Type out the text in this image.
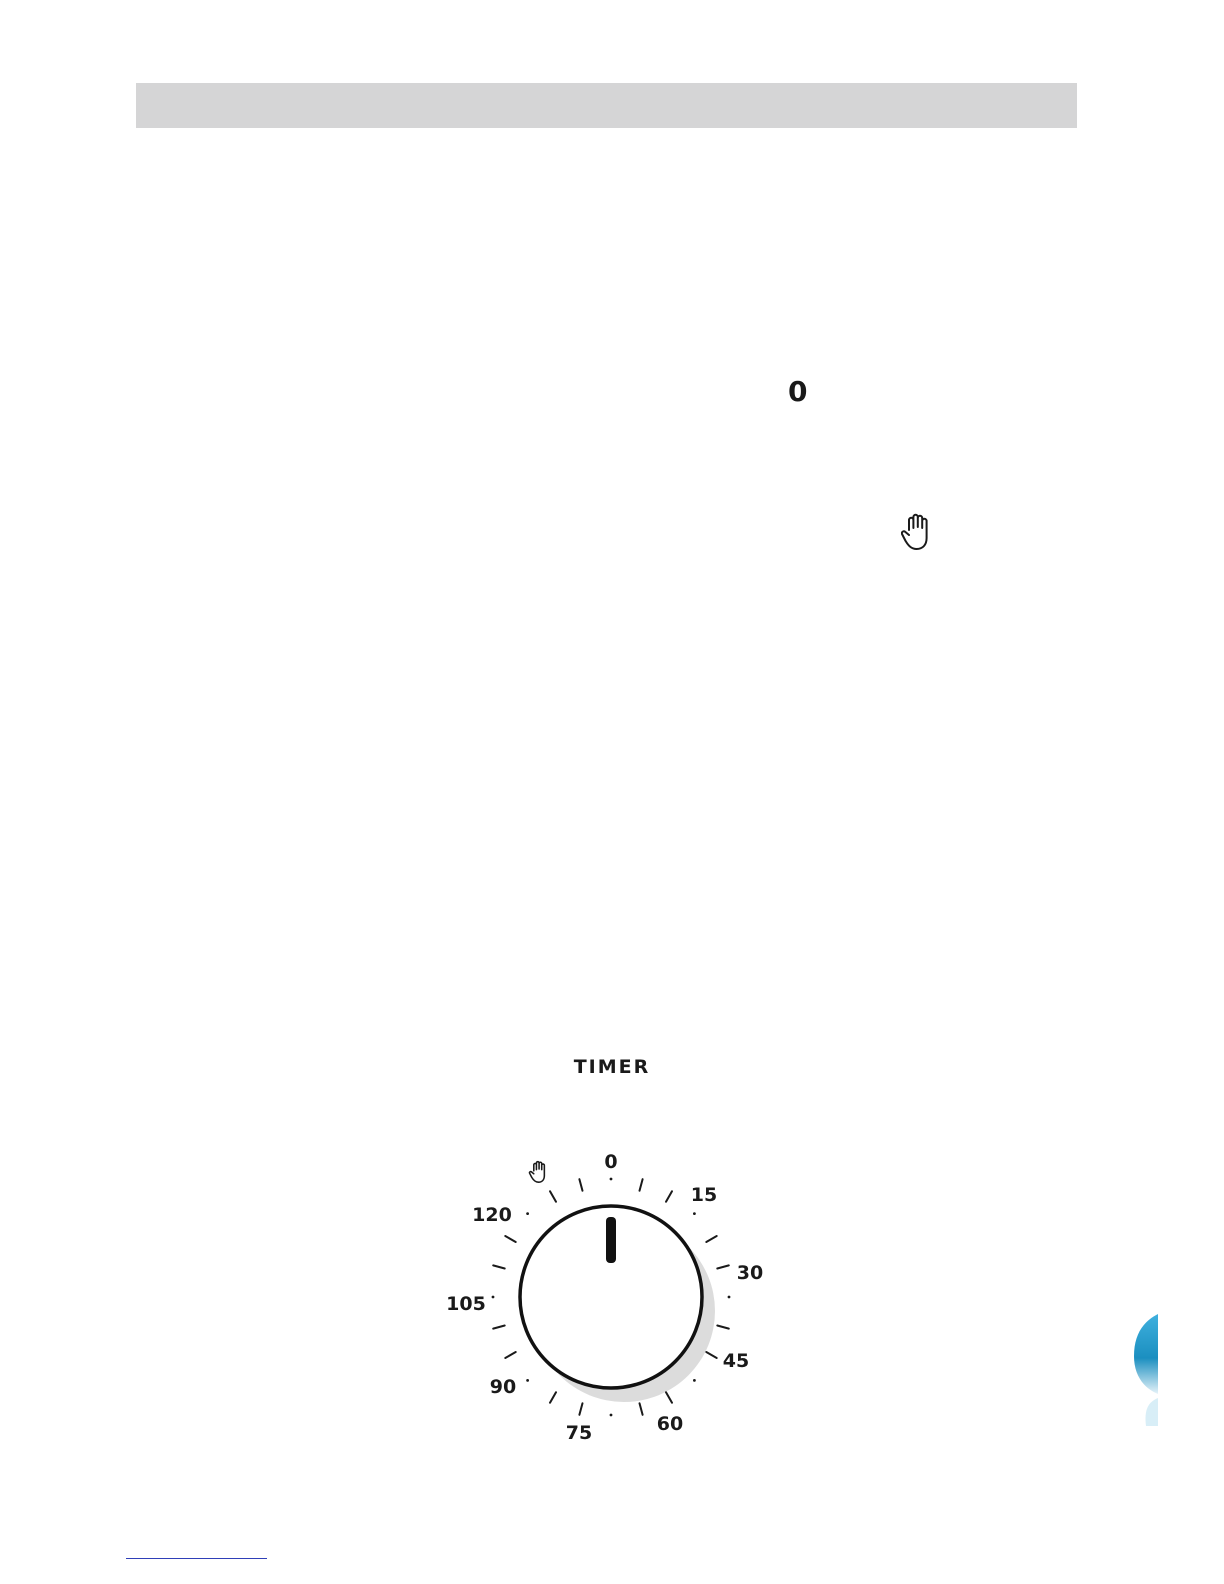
0
TIMER
0
15
30
45
60
75
90
105
120
